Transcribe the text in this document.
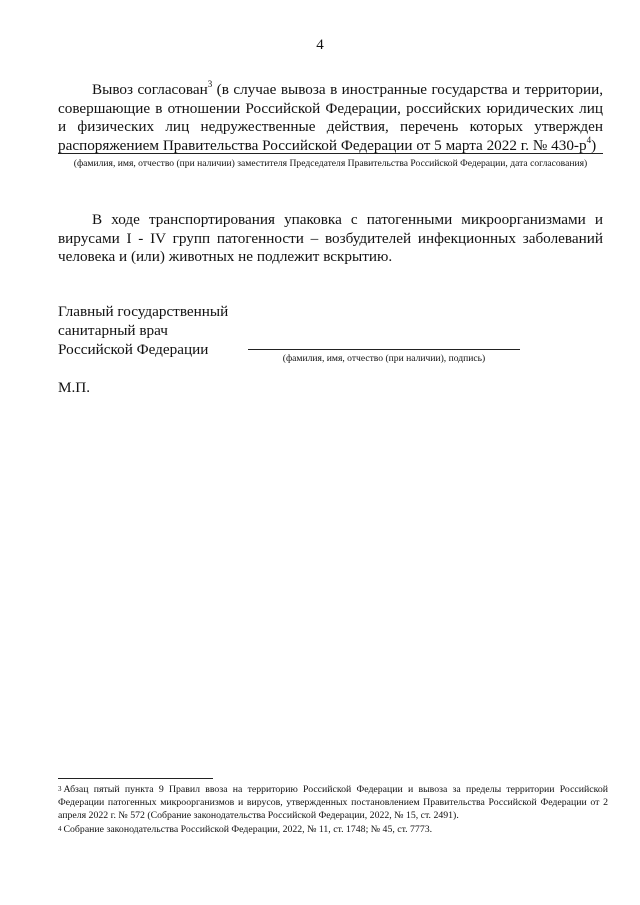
4

Вывоз согласован$^3$ (в случае вывоза в иностранные государства и территории, совершающие в отношении Российской Федерации, российских юридических лиц и физических лиц недружественные действия, перечень которых утвержден распоряжением Правительства Российской Федерации от 5 марта 2022 г. № $430-р^4$)

(фамилия, имя, отчество (при наличии) заместителя Председателя Правительства Российской Федерации, дата согласования)

В ходе транспортирования упаковка с патогенными микроорганизмами и вирусами I - IV групп патогенности – возбудителей инфекционных заболеваний человека и (или) животных не подлежит вскрытию.

Главный государственный
санитарный врач
Российской Федерации
(фамилия, имя, отчество (при наличии), подпись)
М.П.

$^3$ Абзац пятый пункта 9 Правил ввоза на территорию Российской Федерации и вывоза за пределы территории Российской Федерации патогенных микроорганизмов и вирусов, утвержденных постановлением Правительства Российской Федерации от 2 апреля 2022 г. № 572 (Собрание законодательства Российской Федерации, 2022, № 15, ст. 2491).

$^4$ Собрание законодательства Российской Федерации, 2022, № 11, ст. 1748; № 45, ст. 7773.
